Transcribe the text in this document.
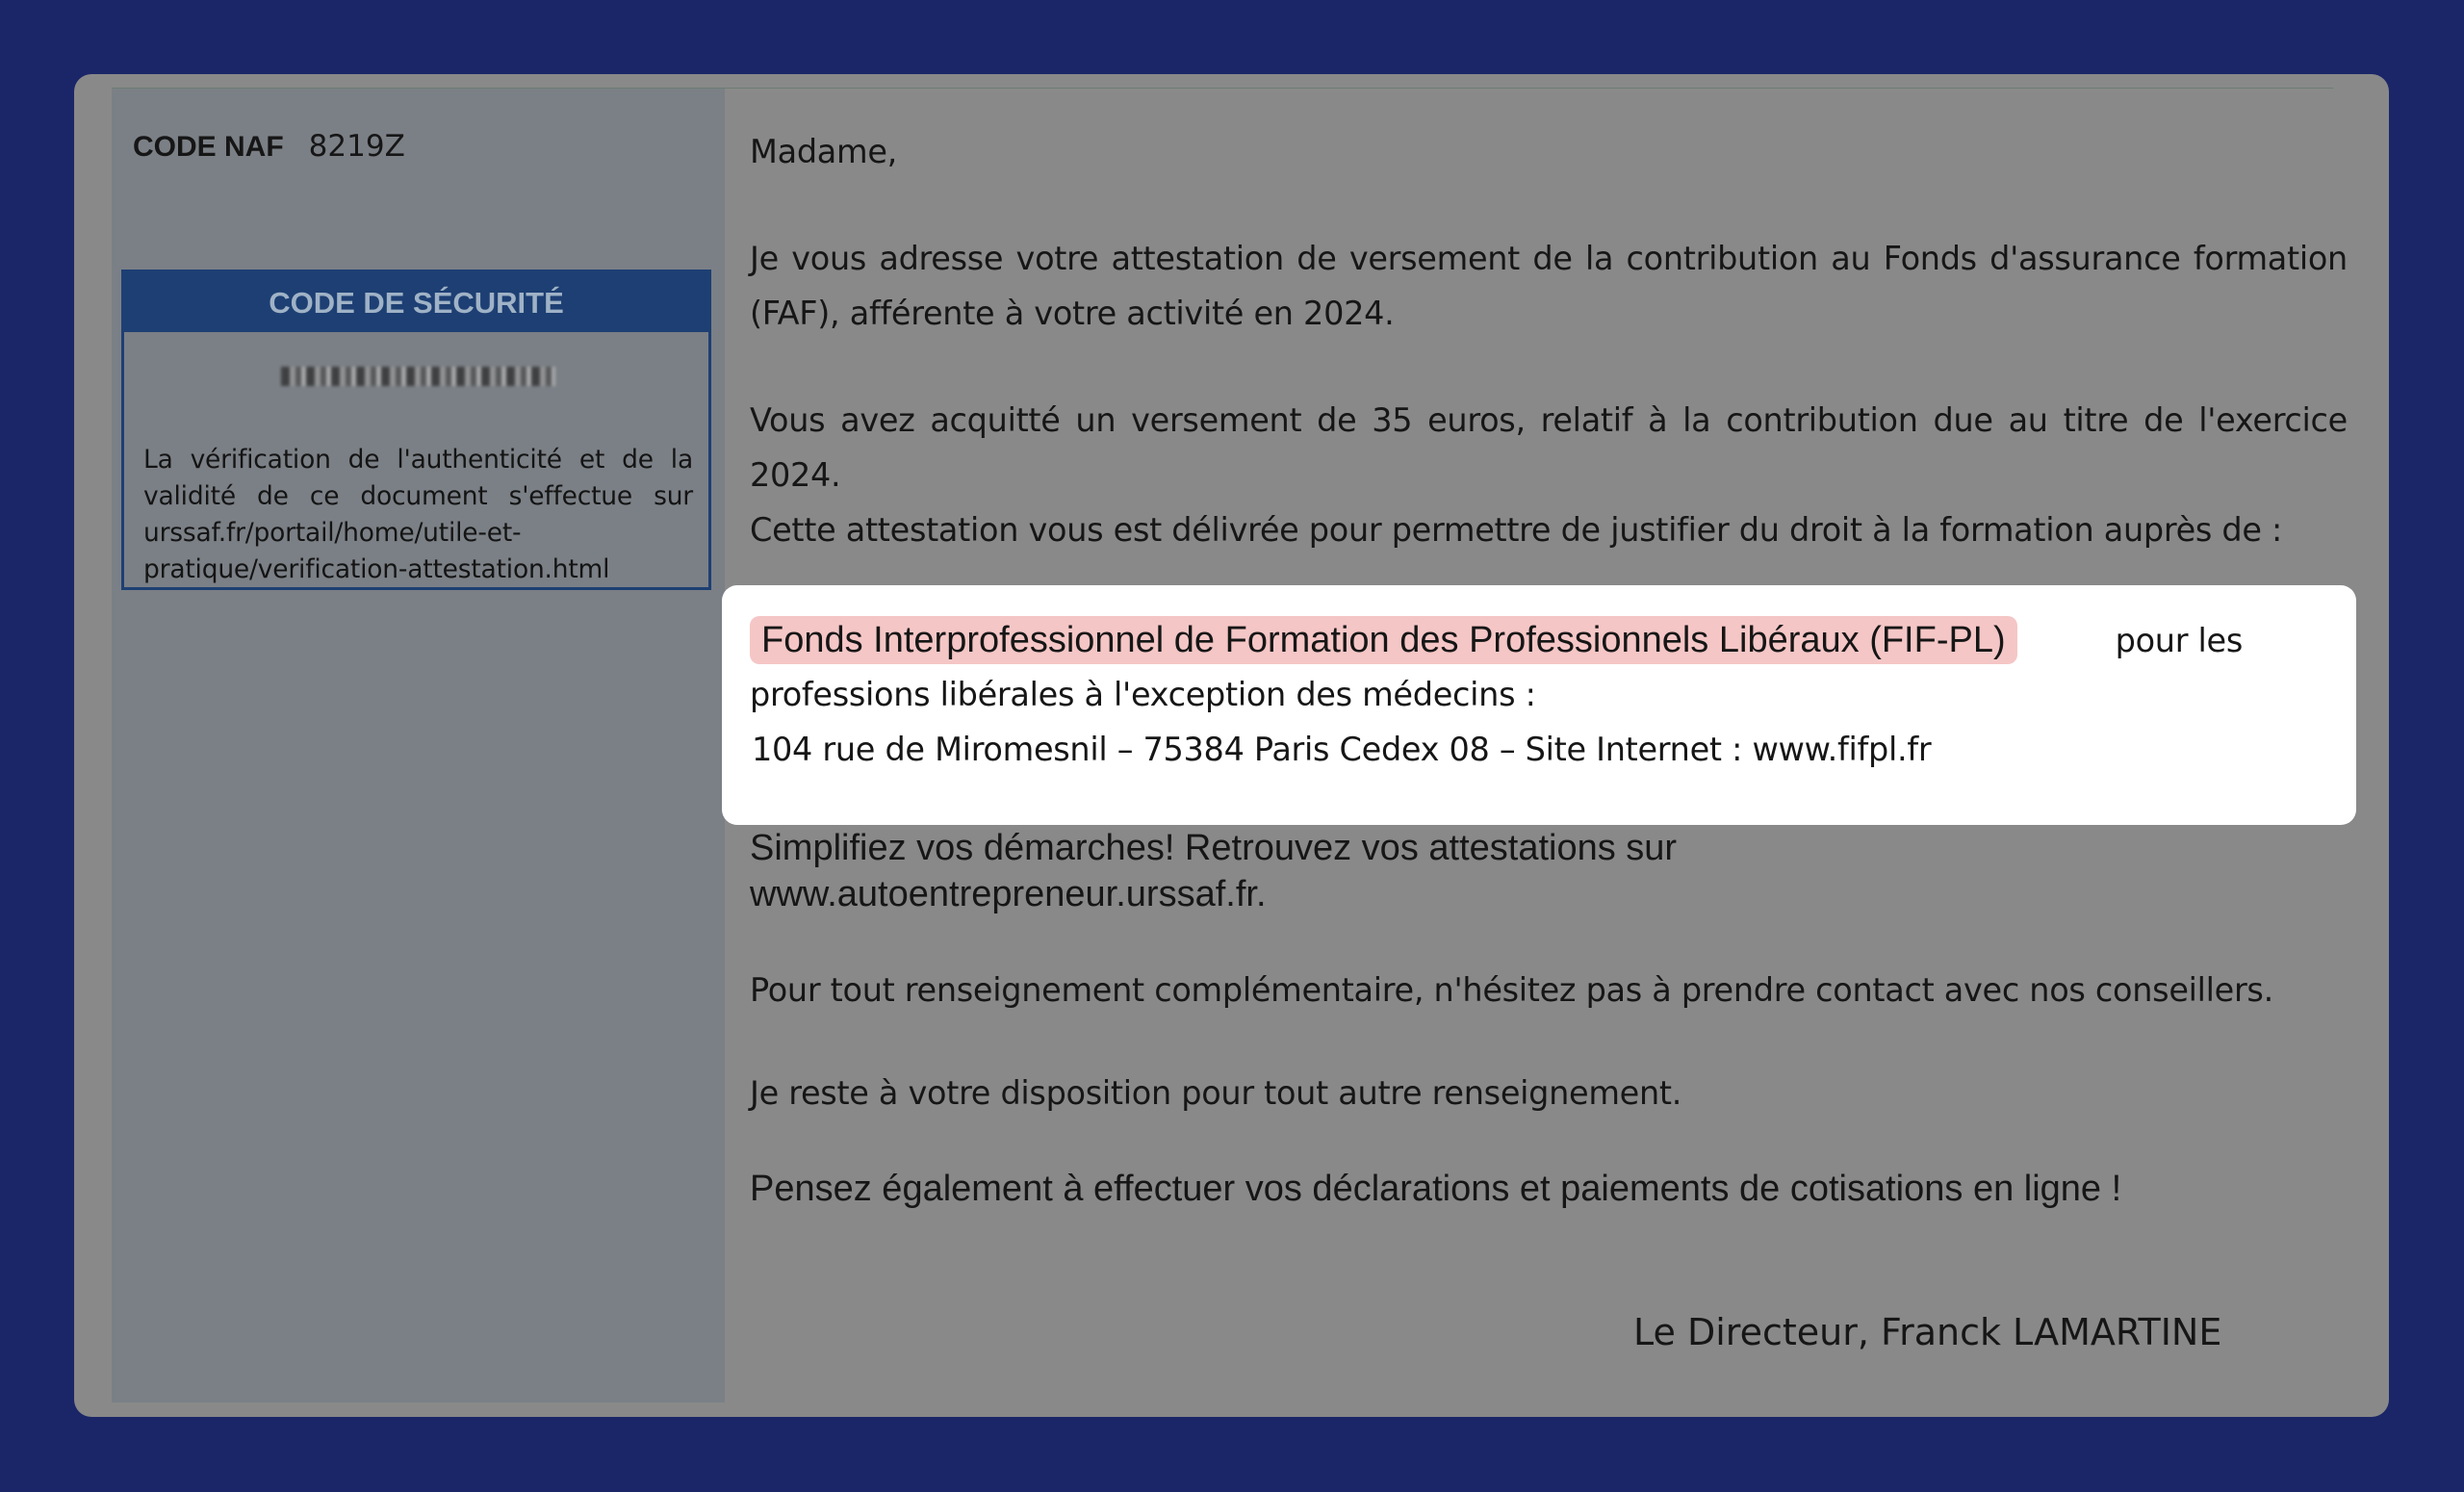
CODE NAF 8219Z
CODE DE SÉCURITÉ
La vérification de l'authenticité et de la validité de ce document s'effectue sur urssaf.fr/portail/home/utile-et-pratique/verification-attestation.html

Madame,

Je vous adresse votre attestation de versement de la contribution au Fonds d'assurance formation (FAF), afférente à votre activité en 2024.

Vous avez acquitté un versement de 35 euros, relatif à la contribution due au titre de l'exercice 2024.

Cette attestation vous est délivrée pour permettre de justifier du droit à la formation auprès de :

Fonds Interprofessionnel de Formation des Professionnels Libéraux (FIF-PL)	pour les

professions libérales à l'exception des médecins :

104 rue de Miromesnil – 75384 Paris Cedex 08 – Site Internet : www.fifpl.fr

Simplifiez vos démarches! Retrouvez vos attestations sur
www.autoentrepreneur.urssaf.fr.

Pour tout renseignement complémentaire, n'hésitez pas à prendre contact avec nos conseillers.

Je reste à votre disposition pour tout autre renseignement.

Pensez également à effectuer vos déclarations et paiements de cotisations en ligne !

Le Directeur, Franck LAMARTINE
